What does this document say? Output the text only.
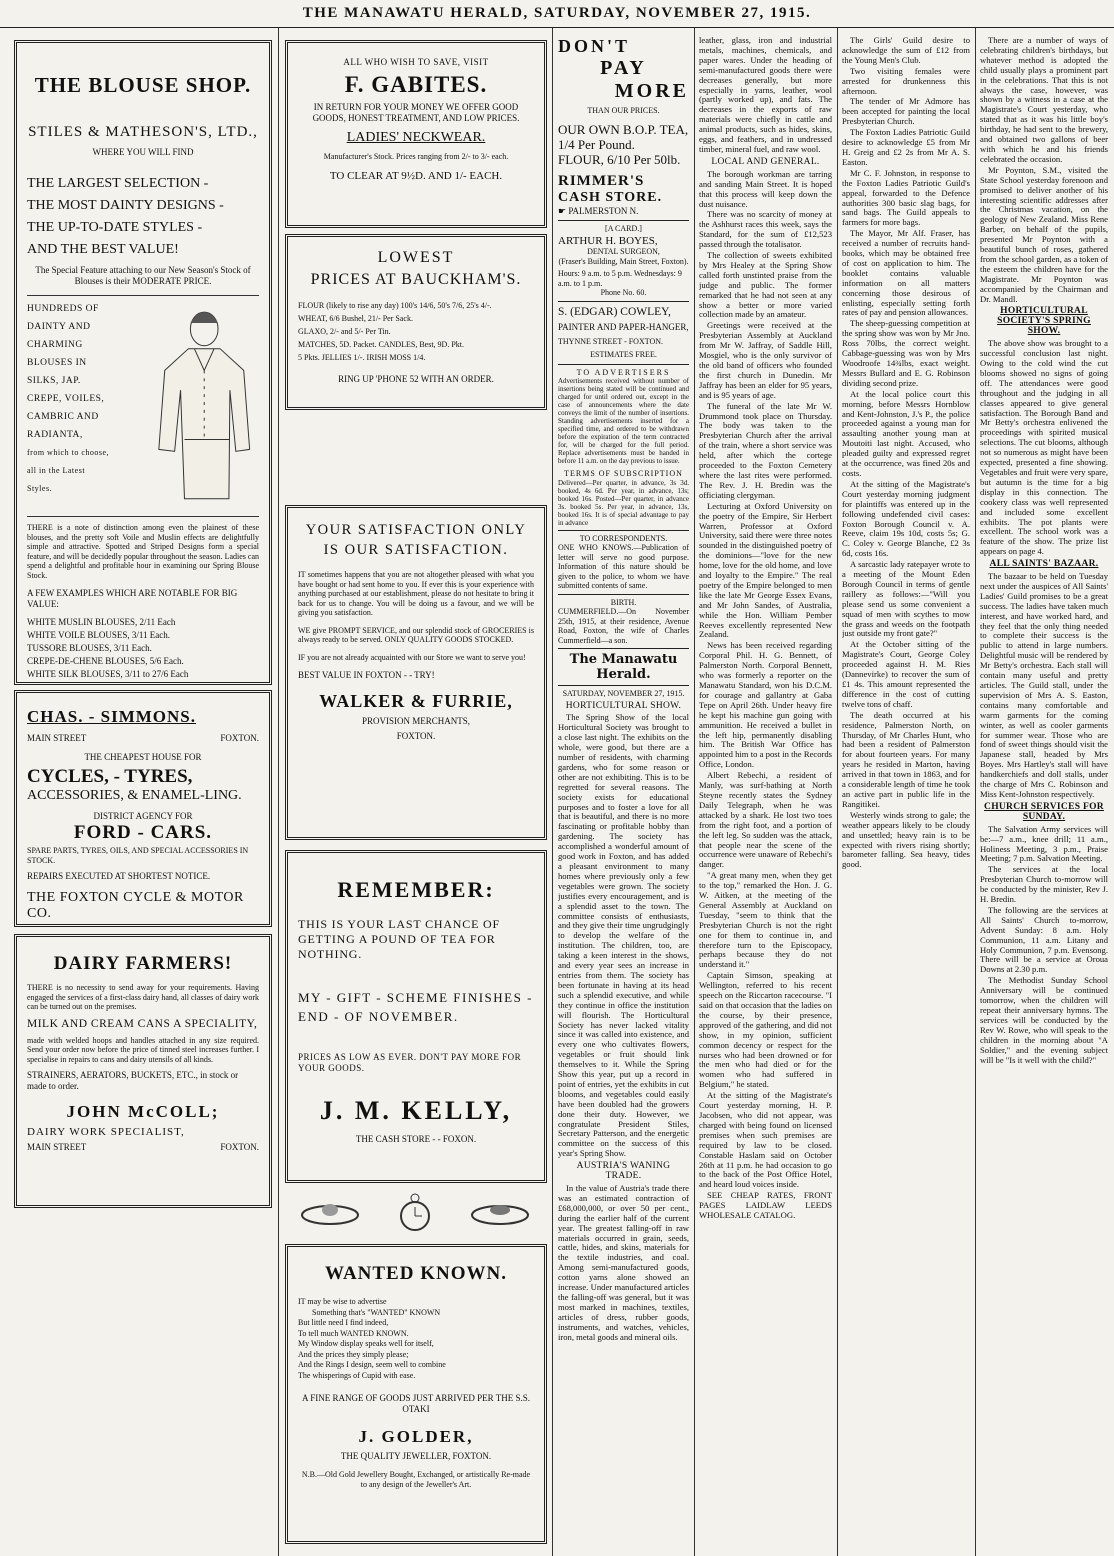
THE MANAWATU HERALD, SATURDAY, NOVEMBER 27, 1915.
THE BLOUSE SHOP.
STILES & MATHESON'S, LTD.,
WHERE YOU WILL FIND
THE LARGEST SELECTION -
THE MOST DAINTY DESIGNS -
THE UP-TO-DATE STYLES -
AND THE BEST VALUE!
The Special Feature attaching to our New Season's Stock of Blouses is their MODERATE PRICE.
HUNDREDS OF
DAINTY AND
CHARMING
BLOUSES IN
SILKS, JAP.
CREPE, VOILES,
CAMBRIC AND
RADIANTA,
from which to choose,
all in the Latest
Styles.
THERE is a note of distinction among even the plainest of these blouses, and the pretty soft Voile and Muslin effects are delightfully simple and attractive. Spotted and Striped Designs form a special feature, and will be decidedly popular throughout the season. Ladies can spend a delightful and profitable hour in examining our Spring Blouse Stock.
A FEW EXAMPLES WHICH ARE NOTABLE FOR BIG VALUE:
WHITE MUSLIN BLOUSES, 2/11 Each
WHITE VOILE BLOUSES, 3/11 Each.
TUSSORE BLOUSES, 3/11 Each.
CREPE-DE-CHENE BLOUSES, 5/6 Each.
WHITE SILK BLOUSES, 3/11 to 27/6 Each
CHAS. - SIMMONS.
MAIN STREET	FOXTON.
THE CHEAPEST HOUSE FOR
CYCLES, - TYRES,
ACCESSORIES, & ENAMEL-LING.
DISTRICT AGENCY FOR
FORD - CARS.
SPARE PARTS, TYRES, OILS, AND SPECIAL ACCESSORIES IN STOCK.
REPAIRS EXECUTED AT SHORTEST NOTICE.
THE FOXTON CYCLE & MOTOR CO.
DAIRY FARMERS!
THERE is no necessity to send away for your requirements. Having engaged the services of a first-class dairy hand, all classes of dairy work can be turned out on the premises.
MILK AND CREAM CANS A SPECIALITY,
made with welded hoops and handles attached in any size required. Send your order now before the price of tinned steel increases further. I specialise in repairs to cans and dairy utensils of all kinds.
STRAINERS, AERATORS, BUCKETS, ETC., in stock or made to order.
JOHN McCOLL;
DAIRY WORK SPECIALIST,
MAIN STREET	FOXTON.
ALL WHO WISH TO SAVE, VISIT
F. GABITES.
IN RETURN FOR YOUR MONEY WE OFFER GOOD GOODS, HONEST TREATMENT, AND LOW PRICES.
LADIES' NECKWEAR.
Manufacturer's Stock. Prices ranging from 2/- to 3/- each.
TO CLEAR AT 9½D. AND 1/- EACH.
LOWEST
PRICES AT BAUCKHAM'S.
FLOUR (likely to rise any day) 100's 14/6, 50's 7/6, 25's 4/-.
WHEAT, 6/6 Bushel, 21/- Per Sack.
GLAXO, 2/- and 5/- Per Tin.
MATCHES, 5D. Packet. CANDLES, Best, 9D. Pkt.
5 Pkts. JELLIES 1/-. IRISH MOSS 1/4.
RING UP 'PHONE 52 WITH AN ORDER.
YOUR SATISFACTION ONLY IS OUR SATISFACTION.
IT sometimes happens that you are not altogether pleased with what you have bought or had sent home to you. If ever this is your experience with anything purchased at our establishment, please do not hesitate to bring it back for us to change. You will be doing us a favour, and we will be giving you satisfaction.
WE give PROMPT SERVICE, and our splendid stock of GROCERIES is always ready to be served. ONLY QUALITY GOODS STOCKED.
IF you are not already acquainted with our Store we want to serve you!
BEST VALUE IN FOXTON - - TRY!
WALKER & FURRIE,
PROVISION MERCHANTS,
FOXTON.
REMEMBER:
THIS IS YOUR LAST CHANCE OF GETTING A POUND OF TEA FOR NOTHING.
MY - GIFT - SCHEME FINISHES - END - OF NOVEMBER.
PRICES AS LOW AS EVER. DON'T PAY MORE FOR YOUR GOODS.
J. M. KELLY,
THE CASH STORE - - FOXON.
WANTED KNOWN.
IT may be wise to advertise
Something that's "WANTED" KNOWN
But little need I find indeed,
To tell much WANTED KNOWN.
My Window display speaks well for itself,
And the prices they simply please;
And the Rings I design, seem well to combine
The whisperings of Cupid with ease.
A FINE RANGE OF GOODS JUST ARRIVED PER THE S.S. OTAKI
J. GOLDER,
THE QUALITY JEWELLER, FOXTON.
N.B.—Old Gold Jewellery Bought, Exchanged, or artistically Re-made to any design of the Jeweller's Art.
DON'T
PAY
MORE
THAN OUR PRICES.
OUR OWN B.O.P. TEA, 1/4 Per Pound.
FLOUR, 6/10 Per 50lb.
RIMMER'S
CASH STORE.
☛ PALMERSTON N.
[A CARD.]
ARTHUR H. BOYES,
DENTAL SURGEON,
(Fraser's Building, Main Street, Foxton).
Hours: 9 a.m. to 5 p.m. Wednesdays: 9 a.m. to 1 p.m.
Phone No. 60.
S. (EDGAR) COWLEY,
PAINTER AND PAPER-HANGER,
THYNNE STREET - FOXTON.
ESTIMATES FREE.
TO ADVERTISERS
Advertisements received without number of insertions being stated will be continued and charged for until ordered out, except in the case of announcements where the date conveys the limit of the number of insertions. Standing advertisements inserted for a specified time, and ordered to be withdrawn before the expiration of the term contracted for, will be charged for the full period. Replace advertisements must be handed in before 11 a.m. on the day previous to issue.
TERMS OF SUBSCRIPTION
Delivered—Per quarter, in advance, 3s 3d. booked, 4s 6d. Per year, in advance, 13s; booked 16s. Posted—Per quarter, in advance 3s. booked 5s. Per year, in advance, 13s, booked 16s. It is of special advantage to pay in advance
TO CORRESPONDENTS.
ONE WHO KNOWS.—Publication of letter will serve no good purpose. Information of this nature should be given to the police, to whom we have submitted contents of same.
BIRTH.
CUMMERFIELD.—On November 25th, 1915, at their residence, Avenue Road, Foxton, the wife of Charles Cummerfield—a son.
The Manawatu Herald.
SATURDAY, NOVEMBER 27, 1915.
HORTICULTURAL SHOW.

The Spring Show of the local Horticultural Society was brought to a close last night. The exhibits on the whole, were good, but there are a number of residents, with charming gardens, who for some reason or other are not exhibiting. This is to be regretted for several reasons. The society exists for educational purposes and to foster a love for all that is beautiful, and there is no more fascinating or profitable hobby than gardening. The society has accomplished a wonderful amount of good work in Foxton, and has added a pleasant environment to many homes where previously only a few vegetables were grown. The society justifies every encouragement, and is a splendid asset to the town. The committee consists of enthusiasts, and they give their time ungrudgingly to develop the welfare of the institution. The children, too, are taking a keen interest in the shows, and every year sees an increase in entries from them. The society has been fortunate in having at its head such a splendid executive, and while they continue in office the institution will flourish. The Horticultural Society has never lacked vitality since it was called into existence, and every one who cultivates flowers, vegetables or fruit should link themselves to it. While the Spring Show this year, put up a record in point of entries, yet the exhibits in cut blooms, and vegetables could easily have been doubled had the growers done their duty. However, we congratulate President Stiles, Secretary Patterson, and the energetic committee on the success of this year's Spring Show.

AUSTRIA'S WANING TRADE.

In the value of Austria's trade there was an estimated contraction of £68,000,000, or over 50 per cent., during the earlier half of the current year. The greatest falling-off in raw materials occurred in grain, seeds, cattle, hides, and skins, materials for the textile industries, and coal. Among semi-manufactured goods, cotton yarns alone showed an increase. Under manufactured articles the falling-off was general, but it was most marked in machines, textiles, articles of dress, rubber goods, instruments, and watches, vehicles, iron, metal goods and mineral oils.

leather, glass, iron and industrial metals, machines, chemicals, and paper wares. Under the heading of semi-manufactured goods there were decreases generally, but more especially in yarns, leather, wool (partly worked up), and fats. The decreases in the exports of raw materials were chiefly in cattle and animal products, such as hides, skins, eggs, and feathers, and in undressed timber, mineral fuel, and raw wool.

LOCAL AND GENERAL.

The borough workman are tarring and sanding Main Street. It is hoped that this process will keep down the dust nuisance.

There was no scarcity of money at the Ashhurst races this week, says the Standard, for the sum of £12,523 passed through the totalisator.

The collection of sweets exhibited by Mrs Healey at the Spring Show called forth unstinted praise from the judge and public. The former remarked that he had not seen at any show a better or more varied collection made by an amateur.

Greetings were received at the Presbyterian Assembly at Auckland from Mr W. Jaffray, of Saddle Hill, Mosgiel, who is the only survivor of the old band of officers who founded the first church in Dunedin. Mr Jaffray has been an elder for 95 years, and is 95 years of age.

The funeral of the late Mr W. Drummond took place on Thursday. The body was taken to the Presbyterian Church after the arrival of the train, where a short service was held, after which the cortege proceeded to the Foxton Cemetery where the last rites were performed. The Rev. J. H. Bredin was the officiating clergyman.

Lecturing at Oxford University on the poetry of the Empire, Sir Herbert Warren, Professor at Oxford University, said there were three notes sounded in the distinguished poetry of the dominions—"love for the new home, love for the old home, and love and loyalty to the Empire." The real poetry of the Empire belonged to men like the late Mr George Essex Evans, and Mr John Sandes, of Australia, while the Hon. William Pember Reeves excellently represented New Zealand.

News has been received regarding Corporal Phil. H. G. Bennett, of Palmerston North. Corporal Bennett, who was formerly a reporter on the Manawatu Standard, won his D.C.M. for courage and gallantry at Gaba Tepe on April 26th. Under heavy fire he kept his machine gun going with ammunition. He received a bullet in the left hip, permanently disabling him. The British War Office has appointed him to a post in the Records Office, London.

Albert Rebechi, a resident of Manly, was surf-bathing at North Steyne recently states the Sydney Daily Telegraph, when he was attacked by a shark. He lost two toes from the right foot, and a portion of the left leg. So sudden was the attack, that people near the scene of the occurrence were unaware of Rebechi's danger.

"A great many men, when they get to the top," remarked the Hon. J. G. W. Aitken, at the meeting of the General Assembly at Auckland on Tuesday, "seem to think that the Presbyterian Church is not the right one for them to continue in, and therefore turn to the Episcopacy, perhaps because they do not understand it."

Captain Simson, speaking at Wellington, referred to his recent speech on the Riccarton racecourse. "I said on that occasion that the ladies on the course, by their presence, approved of the gathering, and did not show, in my opinion, sufficient common decency or respect for the nurses who had been drowned or for the men who had died or for the women who had suffered in Belgium," he stated.

At the sitting of the Magistrate's Court yesterday morning, H. P. Jacobsen, who did not appear, was charged with being found on licensed premises when such premises are required by law to be closed. Constable Haslam said on October 26th at 11 p.m. he had occasion to go to the back of the Post Office Hotel, and heard loud voices inside.

SEE CHEAP RATES, FRONT PAGES LAIDLAW LEEDS WHOLESALE CATALOG.

The Girls' Guild desire to acknowledge the sum of £12 from the Young Men's Club.

Two visiting females were arrested for drunkenness this afternoon.

The tender of Mr Admore has been accepted for painting the local Presbyterian Church.

The Foxton Ladies Patriotic Guild desire to acknowledge £5 from Mr H. Greig and £2 2s from Mr A. S. Easton.

Mr C. F. Johnston, in response to the Foxton Ladies Patriotic Guild's appeal, forwarded to the Defence authorities 300 basic slag bags, for sand bags. The Guild appeals to farmers for more bags.

The Mayor, Mr Alf. Fraser, has received a number of recruits hand-books, which may be obtained free of cost on application to him. The booklet contains valuable information on all matters concerning those desirous of enlisting, especially setting forth rates of pay and pension allowances.

The sheep-guessing competition at the spring show was won by Mr Jno. Ross 70lbs, the correct weight. Cabbage-guessing was won by Mrs Woodroofe 14¾lbs, exact weight. Messrs Bullard and E. G. Robinson dividing second prize.

At the local police court this morning, before Messrs Hornblow and Kent-Johnston, J.'s P., the police proceeded against a young man for assaulting another young man at Moutoiti last night. Accused, who pleaded guilty and expressed regret at the occurrence, was fined 20s and costs.

At the sitting of the Magistrate's Court yesterday morning judgment for plaintiffs was entered up in the following undefended civil cases: Foxton Borough Council v. A. Reeve, claim 19s 10d, costs 5s; G. C. Coley v. George Blanche, £2 3s 6d, costs 16s.

A sarcastic lady ratepayer wrote to a meeting of the Mount Eden Borough Council in terms of gentle raillery as follows:—"Will you please send us some convenient a squad of men with scythes to mow the grass and weeds on the footpath just outside my front gate?"

At the October sitting of the Magistrate's Court, George Coley proceeded against H. M. Ries (Dannevirke) to recover the sum of £1 4s. This amount represented the difference in the cost of cutting twelve tons of chaff.

The death occurred at his residence, Palmerston North, on Thursday, of Mr Charles Hunt, who had been a resident of Palmerston for about fourteen years. For many years he resided in Marton, having arrived in that town in 1863, and for a considerable length of time he took an active part in public life in the Rangitikei.

Westerly winds strong to gale; the weather appears likely to be cloudy and unsettled; heavy rain is to be expected with rivers rising shortly; barometer falling. Sea heavy, tides good.

There are a number of ways of celebrating children's birthdays, but whatever method is adopted the child usually plays a prominent part in the celebrations. That this is not always the case, however, was shown by a witness in a case at the Magistrate's Court yesterday, who stated that as it was his little boy's birthday, he had sent to the brewery, and obtained two gallons of beer with which he and his friends celebrated the occasion.

Mr Poynton, S.M., visited the State School yesterday forenoon and promised to deliver another of his interesting scientific addresses after the Christmas vacation, on the geology of New Zealand. Miss Rene Barber, on behalf of the pupils, presented Mr Poynton with a beautiful bunch of roses, gathered from the school garden, as a token of the esteem the children have for the Magistrate. Mr Poynton was accompanied by the Chairman and Dr. Mandl.

HORTICULTURAL SOCIETY'S SPRING SHOW.

The above show was brought to a successful conclusion last night. Owing to the cold wind the cut blooms showed no signs of going off. The attendances were good throughout and the judging in all classes appeared to give general satisfaction. The Borough Band and Mr Betty's orchestra enlivened the proceedings with spirited musical selections. The cut blooms, although not so numerous as might have been expected, presented a fine showing. Vegetables and fruit were very spare, but autumn is the time for a big display in this connection. The cookery class was well represented and included some excellent exhibits. The pot plants were excellent. The school work was a feature of the show. The prize list appears on page 4.

ALL SAINTS' BAZAAR.

The bazaar to be held on Tuesday next under the auspices of All Saints' Ladies' Guild promises to be a great success. The ladies have taken much interest, and have worked hard, and they feel that the only thing needed to complete their success is the public to attend in large numbers. Delightful music will be rendered by Mr Betty's orchestra. Each stall will contain many useful and pretty articles. The Guild stall, under the supervision of Mrs A. S. Easton, contains many comfortable and warm garments for the coming winter, as well as cooler garments for summer wear. Those who are fond of sweet things should visit the Japanese stall, headed by Mrs Boyes. Mrs Hartley's stall will have handkerchiefs and doll stalls, under the charge of Mrs C. Robinson and Miss Kent-Johnston respectively.

CHURCH SERVICES FOR SUNDAY.

The Salvation Army services will be:—7 a.m., knee drill; 11 a.m., Holiness Meeting, 3 p.m., Praise Meeting; 7 p.m. Salvation Meeting.

The services at the local Presbyterian Church to-morrow will be conducted by the minister, Rev J. H. Bredin.

The following are the services at All Saints' Church to-morrow, Advent Sunday: 8 a.m. Holy Communion, 11 a.m. Litany and Holy Communion, 7 p.m. Evensong. There will be a service at Oroua Downs at 2.30 p.m.

The Methodist Sunday School Anniversary will be continued tomorrow, when the children will repeat their anniversary hymns. The services will be conducted by the Rev W. Rowe, who will speak to the children in the morning about "A Soldier," and the evening subject will be "Is it well with the child?"
